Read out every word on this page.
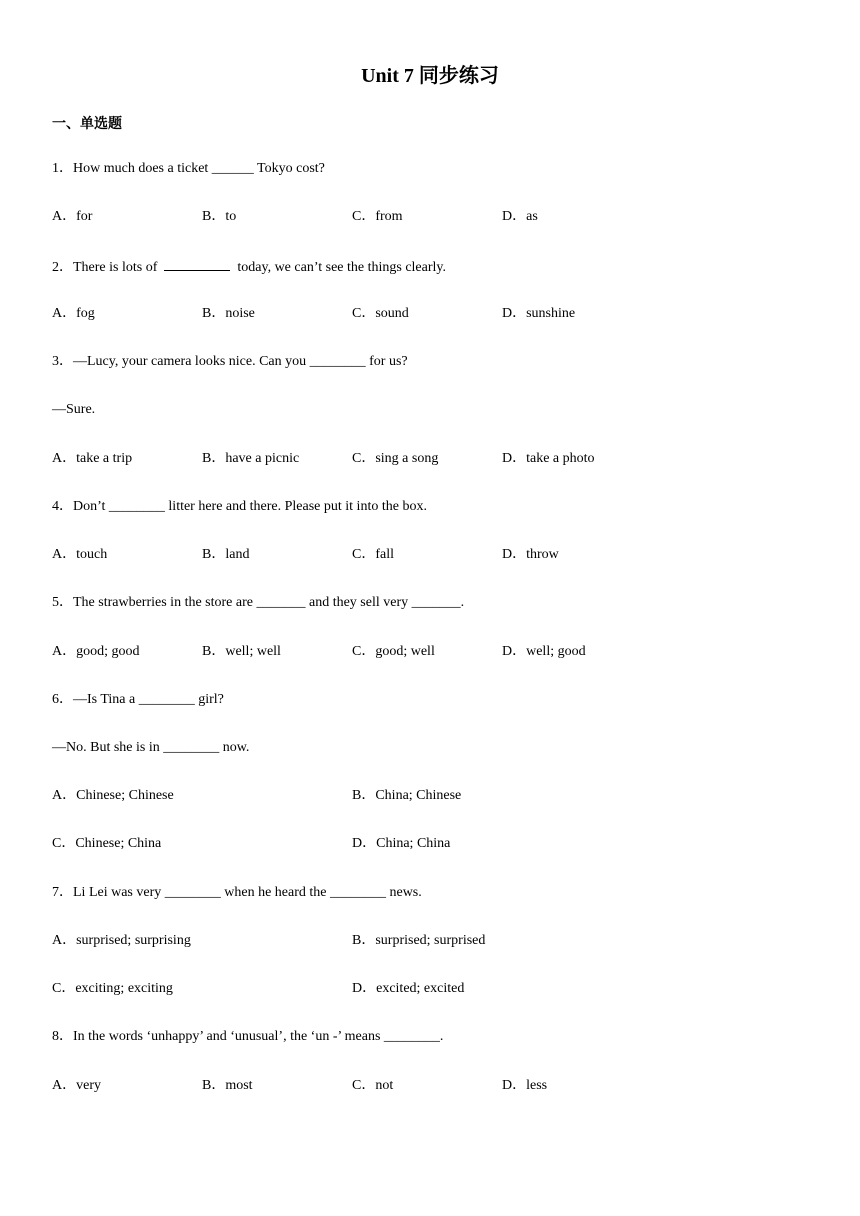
Unit 7 同步练习
一、单选题
1．How much does a ticket ______ Tokyo cost?
A．for	B．to	C．from	D．as
2．There is lots of	today, we can’t see the things clearly.
A．fog	B．noise	C．sound	D．sunshine
3．—Lucy, your camera looks nice. Can you ________ for us?
—Sure.
A．take a trip	B．have a picnic	C．sing a song	D．take a photo
4．Don’t ________ litter here and there. Please put it into the box.
A．touch	B．land	C．fall	D．throw
5．The strawberries in the store are _______ and they sell very _______.
A．good; good	B．well; well	C．good; well	D．well; good
6．—Is Tina a ________ girl?
—No. But she is in ________ now.
A．Chinese; Chinese	B．China; Chinese
C．Chinese; China	D．China; China
7．Li Lei was very ________ when he heard the ________ news.
A．surprised; surprising	B．surprised; surprised
C．exciting; exciting	D．excited; excited
8．In the words ‘unhappy’ and ‘unusual’, the ‘un -’ means ________.
A．very	B．most	C．not	D．less
